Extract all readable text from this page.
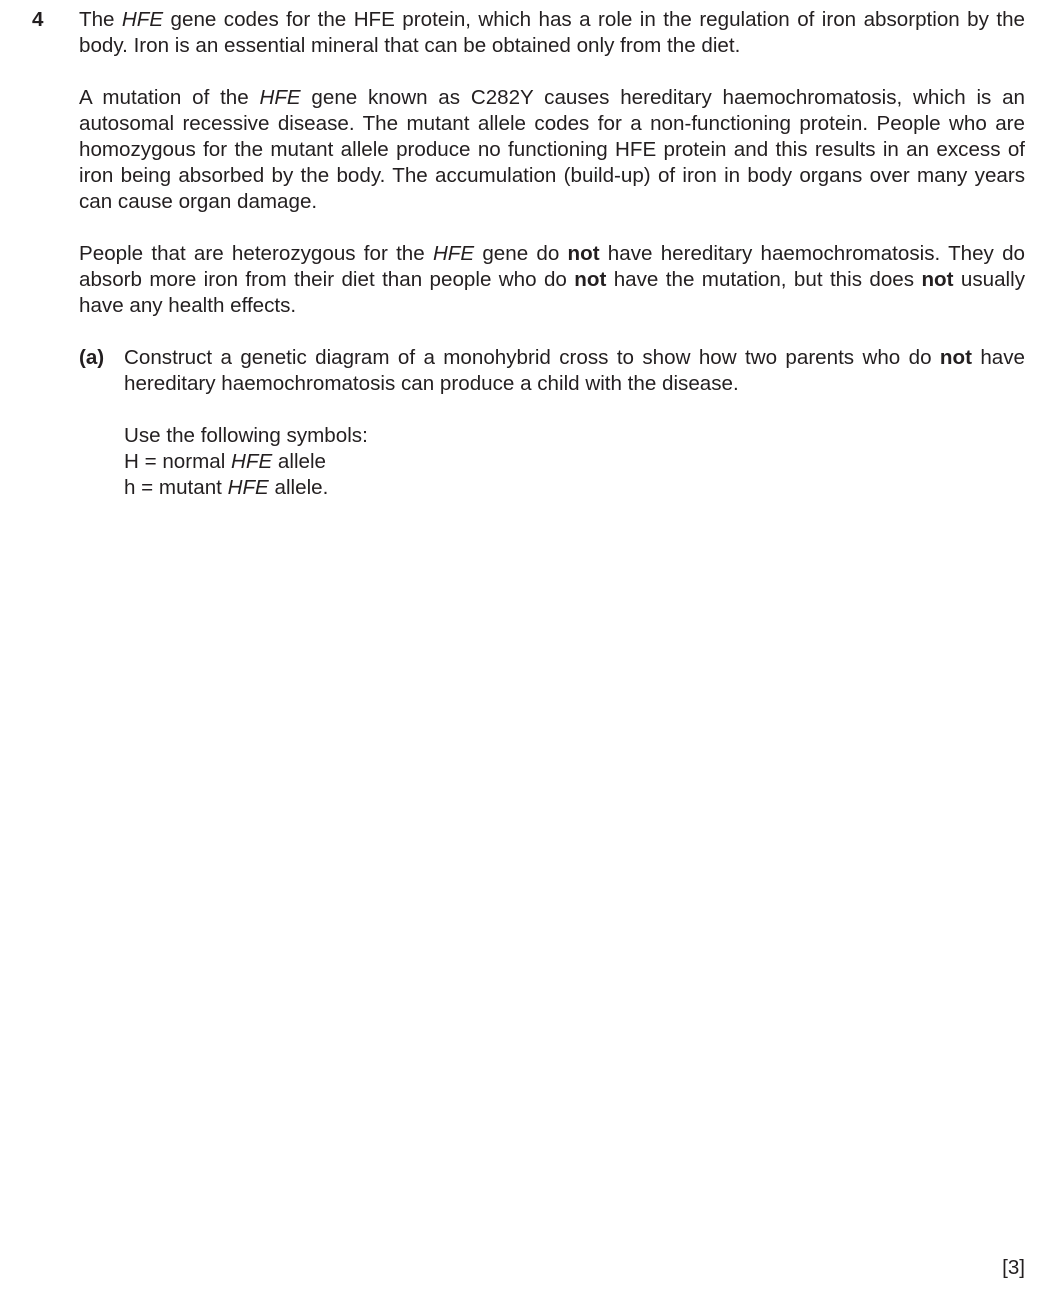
4 The HFE gene codes for the HFE protein, which has a role in the regulation of iron absorption by the body. Iron is an essential mineral that can be obtained only from the diet.

A mutation of the HFE gene known as C282Y causes hereditary haemochromatosis, which is an autosomal recessive disease. The mutant allele codes for a non-functioning protein. People who are homozygous for the mutant allele produce no functioning HFE protein and this results in an excess of iron being absorbed by the body. The accumulation (build-up) of iron in body organs over many years can cause organ damage.

People that are heterozygous for the HFE gene do not have hereditary haemochromatosis. They do absorb more iron from their diet than people who do not have the mutation, but this does not usually have any health effects.

(a) Construct a genetic diagram of a monohybrid cross to show how two parents who do not have hereditary haemochromatosis can produce a child with the disease.

Use the following symbols:
H = normal HFE allele
h = mutant HFE allele.
[3]
